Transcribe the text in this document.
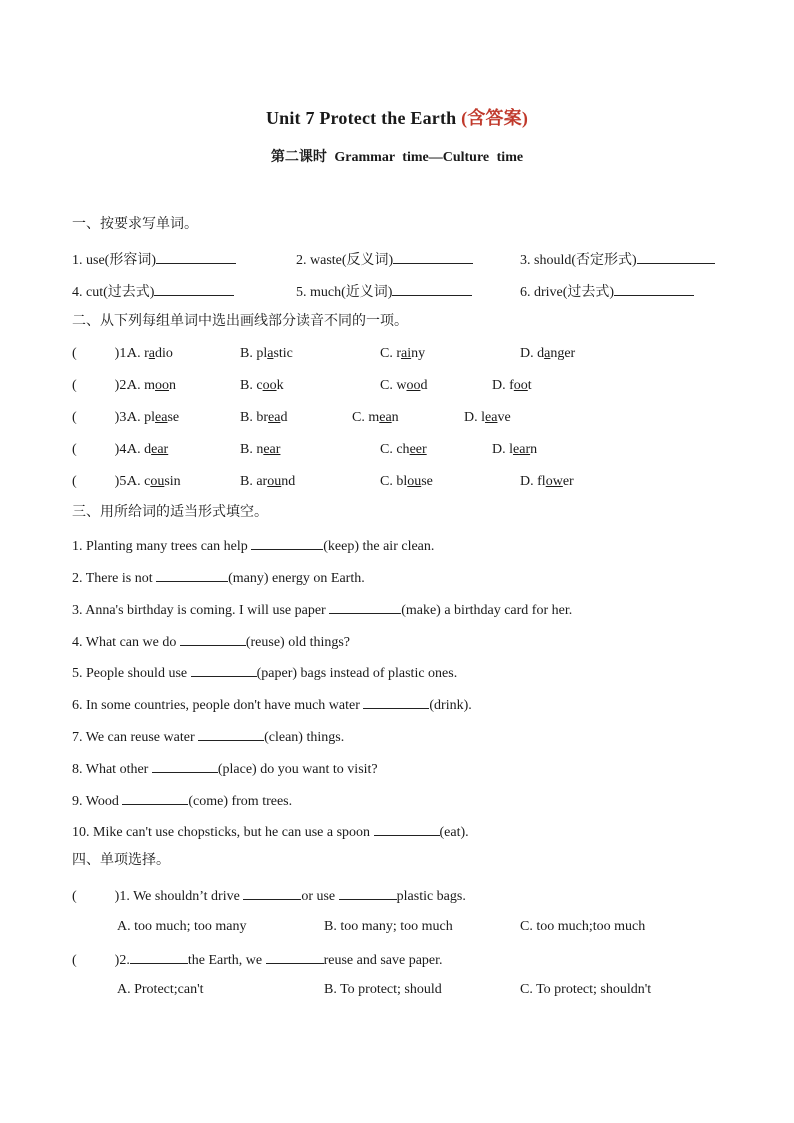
Unit 7 Protect the Earth (含答案)
第二课时 Grammar time—Culture time
一、按要求写单词。
1. use(形容词)	2. waste(反义词)	3. should(否定形式)
4. cut(过去式)	5. much(近义词)	6. drive(过去式)
二、从下列每组单词中选出画线部分读音不同的一项。
(	)1.
A. radio	B. plastic	C. rainy	D. danger
(	)2.
A. moon	B. cook	C. wood	D. foot
(	)3.
A. please	B. bread	C. mean	D. leave
(	)4.
A. dear	B. near	C. cheer	D. learn
(	)5.
A. cousin	B. around	C. blouse	D. flower
三、用所给词的适当形式填空。
1. Planting many trees can help	(keep) the air clean.
2. There is not	(many) energy on Earth.
3. Anna's birthday is coming. I will use paper	(make) a birthday card for her.
4. What can we do	(reuse) old things?
5. People should use	(paper) bags instead of plastic ones.
6. In some countries, people don't have much water	(drink).
7. We can reuse water	(clean) things.
8. What other	(place) do you want to visit?
9. Wood	(come) from trees.
10. Mike can't use chopsticks, but he can use a spoon	(eat).
四、单项选择。
(	)1. We shouldn’t drive	or use	plastic bags.
A. too much; too many	B. too many; too much	C. too much;too much
(	)2.	the Earth, we	reuse and save paper.
A. Protect;can't	B. To protect; should	C. To protect; shouldn't
